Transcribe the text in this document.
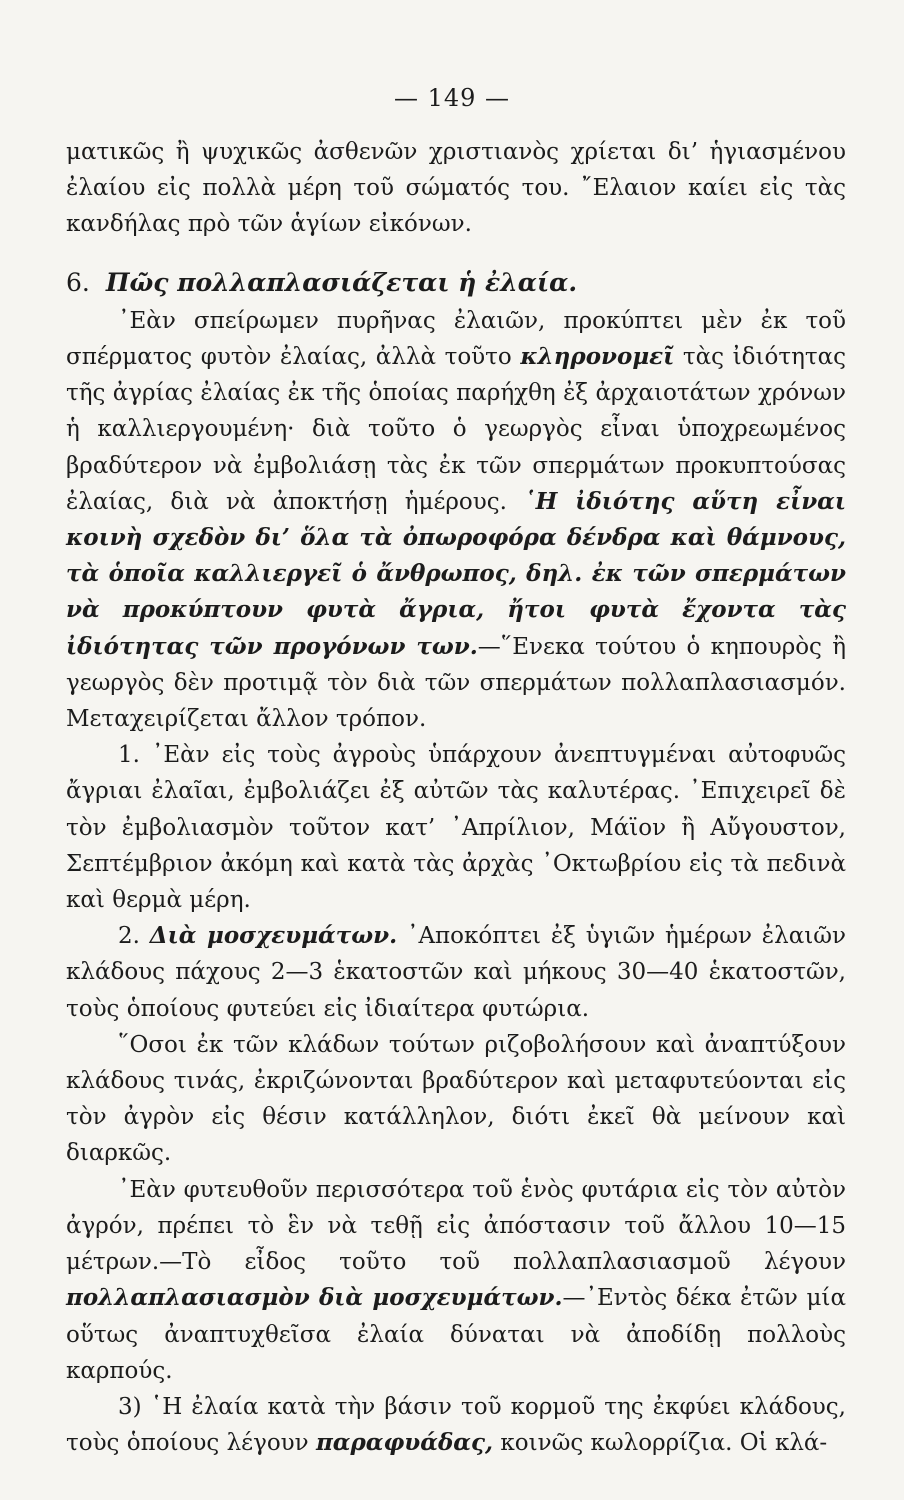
— 149 —

ματικῶς ἢ ψυχικῶς ἀσθενῶν χριστιανὸς χρίεται δι’ ἡγιασμένου ἐλαίου εἰς πολλὰ μέρη τοῦ σώματός του. ῎Ελαιον καίει εἰς τὰς κανδήλας πρὸ τῶν ἁγίων εἰκόνων.

6. Πῶς πολλαπλασιάζεται ἡ ἐλαία.

᾿Εὰν σπείρωμεν πυρῆνας ἐλαιῶν, προκύπτει μὲν ἐκ τοῦ σπέρματος φυτὸν ἐλαίας, ἀλλὰ τοῦτο κληρονομεῖ τὰς ἰδιότητας τῆς ἀγρίας ἐλαίας ἐκ τῆς ὁποίας παρήχθη ἐξ ἀρχαιοτάτων χρόνων ἡ καλλιεργουμένη· διὰ τοῦτο ὁ γεωργὸς εἶναι ὑποχρεωμένος βραδύτερον νὰ ἐμβολιάσῃ τὰς ἐκ τῶν σπερμάτων προκυπτούσας ἐλαίας, διὰ νὰ ἀποκτήσῃ ἡμέρους. ῾Η ἰδιότης αὕτη εἶναι κοινὴ σχεδὸν δι’ ὅλα τὰ ὀπωροφόρα δένδρα καὶ θάμνους, τὰ ὁποῖα καλλιεργεῖ ὁ ἄνθρωπος, δηλ. ἐκ τῶν σπερμάτων νὰ προκύπτουν φυτὰ ἄγρια, ἤτοι φυτὰ ἔχοντα τὰς ἰδιότητας τῶν προγόνων των.—῞Ενεκα τούτου ὁ κηπουρὸς ἢ γεωργὸς δὲν προτιμᾷ τὸν διὰ τῶν σπερμάτων πολλαπλασιασμόν. Μεταχειρίζεται ἄλλον τρόπον.

1. ᾿Εὰν εἰς τοὺς ἀγροὺς ὑπάρχουν ἀνεπτυγμέναι αὐτοφυῶς ἄγριαι ἐλαῖαι, ἐμβολιάζει ἐξ αὐτῶν τὰς καλυτέρας. ᾿Επιχειρεῖ δὲ τὸν ἐμβολιασμὸν τοῦτον κατ’ ᾿Απρίλιον, Μάϊον ἢ Αὔγουστον, Σεπτέμβριον ἀκόμη καὶ κατὰ τὰς ἀρχὰς ᾿Οκτωβρίου εἰς τὰ πεδινὰ καὶ θερμὰ μέρη.

2. Διὰ μοσχευμάτων. ᾿Αποκόπτει ἐξ ὑγιῶν ἡμέρων ἐλαιῶν κλάδους πάχους 2—3 ἑκατοστῶν καὶ μήκους 30—40 ἑκατοστῶν, τοὺς ὁποίους φυτεύει εἰς ἰδιαίτερα φυτώρια.

῞Οσοι ἐκ τῶν κλάδων τούτων ριζοβολήσουν καὶ ἀναπτύξουν κλάδους τινάς, ἐκριζώνονται βραδύτερον καὶ μεταφυτεύονται εἰς τὸν ἀγρὸν εἰς θέσιν κατάλληλον, διότι ἐκεῖ θὰ μείνουν καὶ διαρκῶς.

᾿Εὰν φυτευθοῦν περισσότερα τοῦ ἑνὸς φυτάρια εἰς τὸν αὐτὸν ἀγρόν, πρέπει τὸ ἓν νὰ τεθῇ εἰς ἀπόστασιν τοῦ ἄλλου 10—15 μέτρων.—Τὸ εἶδος τοῦτο τοῦ πολλαπλασιασμοῦ λέγουν πολλαπλασιασμὸν διὰ μοσχευμάτων.—᾿Εντὸς δέκα ἐτῶν μία οὕτως ἀναπτυχθεῖσα ἐλαία δύναται νὰ ἀποδίδῃ πολλοὺς καρπούς.

3) ῾Η ἐλαία κατὰ τὴν βάσιν τοῦ κορμοῦ της ἐκφύει κλάδους, τοὺς ὁποίους λέγουν παραφυάδας, κοινῶς κωλορρίζια. Οἱ κλά-
